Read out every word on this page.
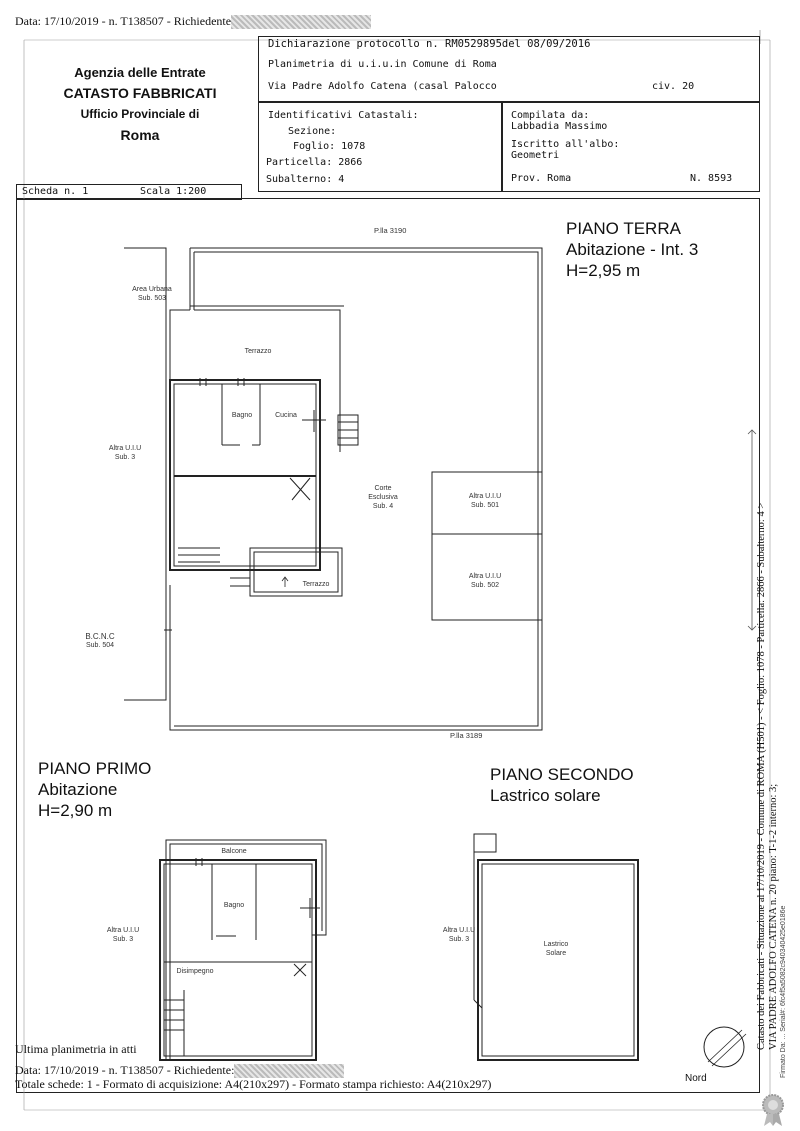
Data: 17/10/2019 - n. T138507 - Richiedente
Agenzia delle Entrate
CATASTO FABBRICATI
Ufficio Provinciale di
Roma
Dichiarazione protocollo n. RM0529895del 08/09/2016
Planimetria di u.i.u.in Comune di Roma
Via Padre Adolfo Catena (casal Palocco	civ. 20
Identificativi Catastali:
Sezione:
Foglio: 1078
Particella: 2866
Subalterno: 4
Compilata da:
Labbadia Massimo
Iscritto all'albo:
Geometri
Prov. Roma	N. 8593
Scheda n. 1	Scala 1:200
PIANO TERRA
Abitazione - Int. 3
H=2,95 m
P.lla 3190
P.lla 3189
Area Urbana
Sub. 503
Terrazzo
Bagno	Cucina
Altra U.I.U
Sub. 3
Corte
Esclusiva
Sub. 4
Altra U.I.U
Sub. 501
Altra U.I.U
Sub. 502
Terrazzo
B.C.N.C
Sub. 504
PIANO PRIMO
Abitazione
H=2,90 m
Balcone
Bagno
Disimpegno
Altra U.I.U
Sub. 3
PIANO SECONDO
Lastrico solare
Lastrico
Solare
Altra U.I.U
Sub. 3
Nord
Catasto dei Fabbricati - Situazione al 17/10/2019 - Comune di ROMA (H501) - < Foglio: 1078 - Particella: 2866 - Subalterno: 4 > VIA PADRE ADOLFO CATENA n. 20 piano: T-1-2 interno: 3; Firmato Da: ... Serial#: 6fc4f5a5082c940340425e0186e
Ultima planimetria in atti
Data: 17/10/2019 - n. T138507 - Richiedente:
Totale schede: 1 - Formato di acquisizione: A4(210x297) - Formato stampa richiesto: A4(210x297)
